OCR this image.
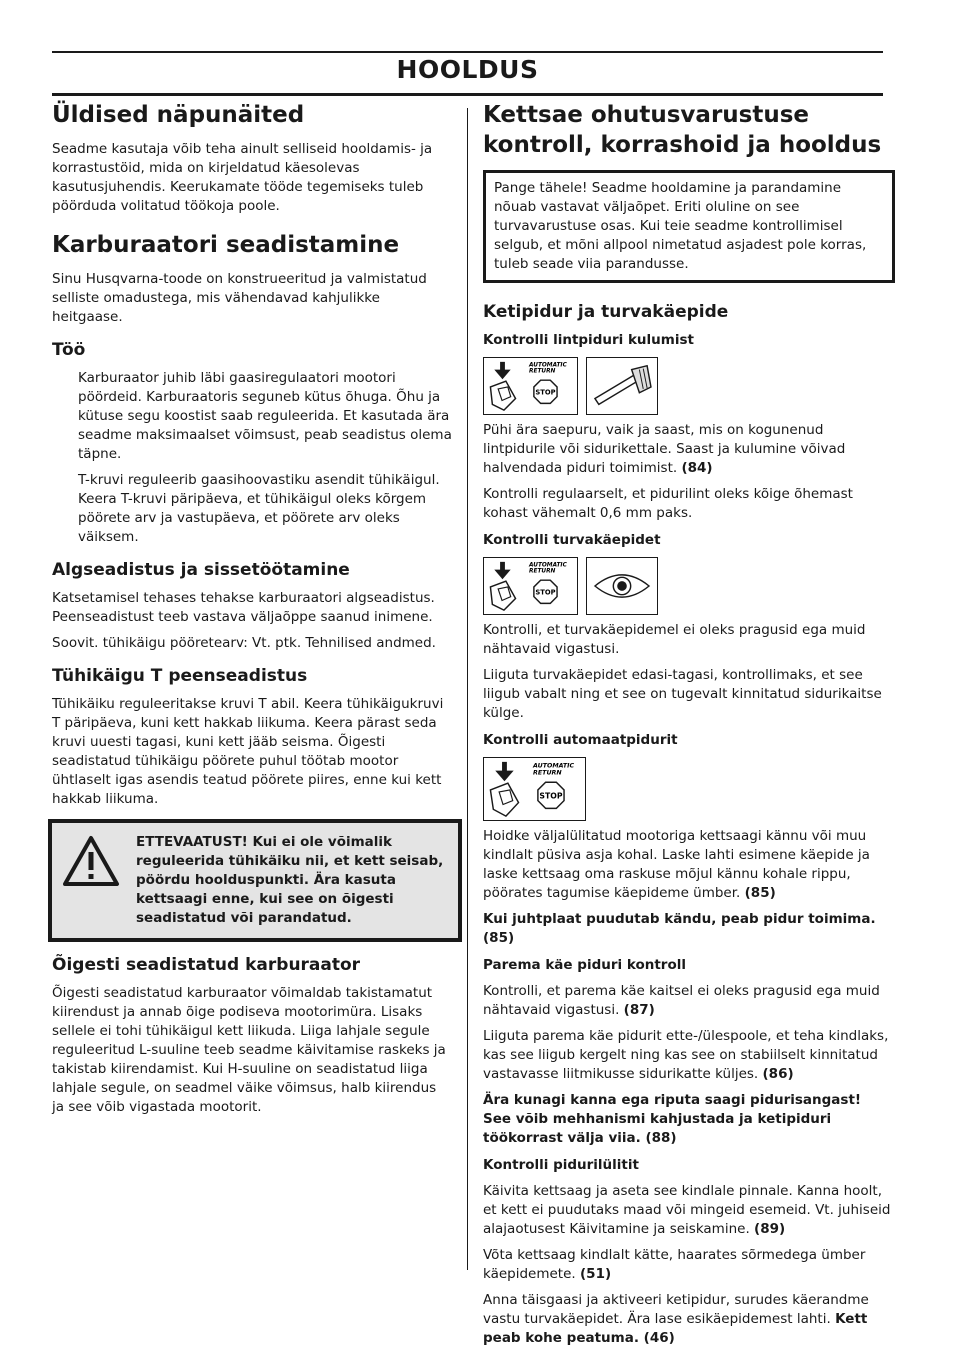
HOOLDUS
Üldised näpunäited

Seadme kasutaja võib teha ainult selliseid hooldamis- ja korrastustöid, mida on kirjeldatud käesolevas kasutusjuhendis. Keerukamate tööde tegemiseks tuleb pöörduda volitatud töökoja poole.

Karburaatori seadistamine

Sinu Husqvarna-toode on konstrueeritud ja valmistatud selliste omadustega, mis vähendavad kahjulikke heitgaase.

Töö

Karburaator juhib läbi gaasiregulaatori mootori pöördeid. Karburaatoris seguneb kütus õhuga. Õhu ja kütuse segu koostist saab reguleerida. Et kasutada ära seadme maksimaalset võimsust, peab seadistus olema täpne.

T-kruvi reguleerib gaasihoovastiku asendit tühikäigul. Keera T-kruvi päripäeva, et tühikäigul oleks kõrgem pöörete arv ja vastupäeva, et pöörete arv oleks väiksem.

Algseadistus ja sissetöötamine

Katsetamisel tehases tehakse karburaatori algseadistus. Peenseadistust teeb vastava väljaõppe saanud inimene.

Soovit. tühikäigu pööretearv: Vt. ptk. Tehnilised andmed.

Tühikäigu T peenseadistus

Tühikäiku reguleeritakse kruvi T abil. Keera tühikäigukruvi T päripäeva, kuni kett hakkab liikuma. Keera pärast seda kruvi uuesti tagasi, kuni kett jääb seisma. Õigesti seadistatud tühikäigu pöörete puhul töötab mootor ühtlaselt igas asendis teatud pöörete piires, enne kui kett hakkab liikuma.

ETTEVAATUST! Kui ei ole võimalik reguleerida tühikäiku nii, et kett seisab, pöördu hoolduspunkti. Ära kasuta kettsaagi enne, kui see on õigesti seadistatud või parandatud.

Õigesti seadistatud karburaator

Õigesti seadistatud karburaator võimaldab takistamatut kiirendust ja annab õige podiseva mootorimüra. Lisaks sellele ei tohi tühikäigul kett liikuda. Liiga lahjale segule reguleeritud L-suuline teeb seadme käivitamise raskeks ja takistab kiirendamist. Kui H-suuline on seadistatud liiga lahjale segule, on seadmel väike võimsus, halb kiirendus ja see võib vigastada mootorit.

Kettsae ohutusvarustuse kontroll, korrashoid ja hooldus

Pange tähele! Seadme hooldamine ja parandamine nõuab vastavat väljaõpet. Eriti oluline on see turvavarustuse osas. Kui teie seadme kontrollimisel selgub, et mõni allpool nimetatud asjadest pole korras, tuleb seade viia parandusse.

Ketipidur ja turvakäepide
Kontrolli lintpiduri kulumist
AUTOMATIC
RETURN
STOP

Pühi ära saepuru, vaik ja saast, mis on kogunenud lintpidurile või sidurikettale. Saast ja kulumine võivad halvendada piduri toimimist. (84)

Kontrolli regulaarselt, et pidurilint oleks kõige õhemast kohast vähemalt 0,6 mm paks.

Kontrolli turvakäepidet
AUTOMATIC
RETURN
STOP

Kontrolli, et turvakäepidemel ei oleks pragusid ega muid nähtavaid vigastusi.

Liiguta turvakäepidet edasi-tagasi, kontrollimaks, et see liigub vabalt ning et see on tugevalt kinnitatud sidurikaitse külge.

Kontrolli automaatpidurit
AUTOMATIC
RETURN
STOP

Hoidke väljalülitatud mootoriga kettsaagi kännu või muu kindlalt püsiva asja kohal. Laske lahti esimene käepide ja laske kettsaag oma raskuse mõjul kännu kohale rippu, pöörates tagumise käepideme ümber. (85)

Kui juhtplaat puudutab kändu, peab pidur toimima. (85)

Parema käe piduri kontroll

Kontrolli, et parema käe kaitsel ei oleks pragusid ega muid nähtavaid vigastusi. (87)

Liiguta parema käe pidurit ette-/ülespoole, et teha kindlaks, kas see liigub kergelt ning kas see on stabiilselt kinnitatud vastavasse liitmikusse sidurikatte küljes. (86)

Ära kunagi kanna ega riputa saagi pidurisangast! See võib mehhanismi kahjustada ja ketipiduri töökorrast välja viia. (88)

Kontrolli pidurilülitit

Käivita kettsaag ja aseta see kindlale pinnale. Kanna hoolt, et kett ei puudutaks maad või mingeid esemeid. Vt. juhiseid alajaotusest Käivitamine ja seiskamine. (89)

Võta kettsaag kindlalt kätte, haarates sõrmedega ümber käepidemete. (51)

Anna täisgaasi ja aktiveeri ketipidur, surudes käerandme vastu turvakäepidet. Ära lase esikäepidemest lahti. Kett peab kohe peatuma. (46)
